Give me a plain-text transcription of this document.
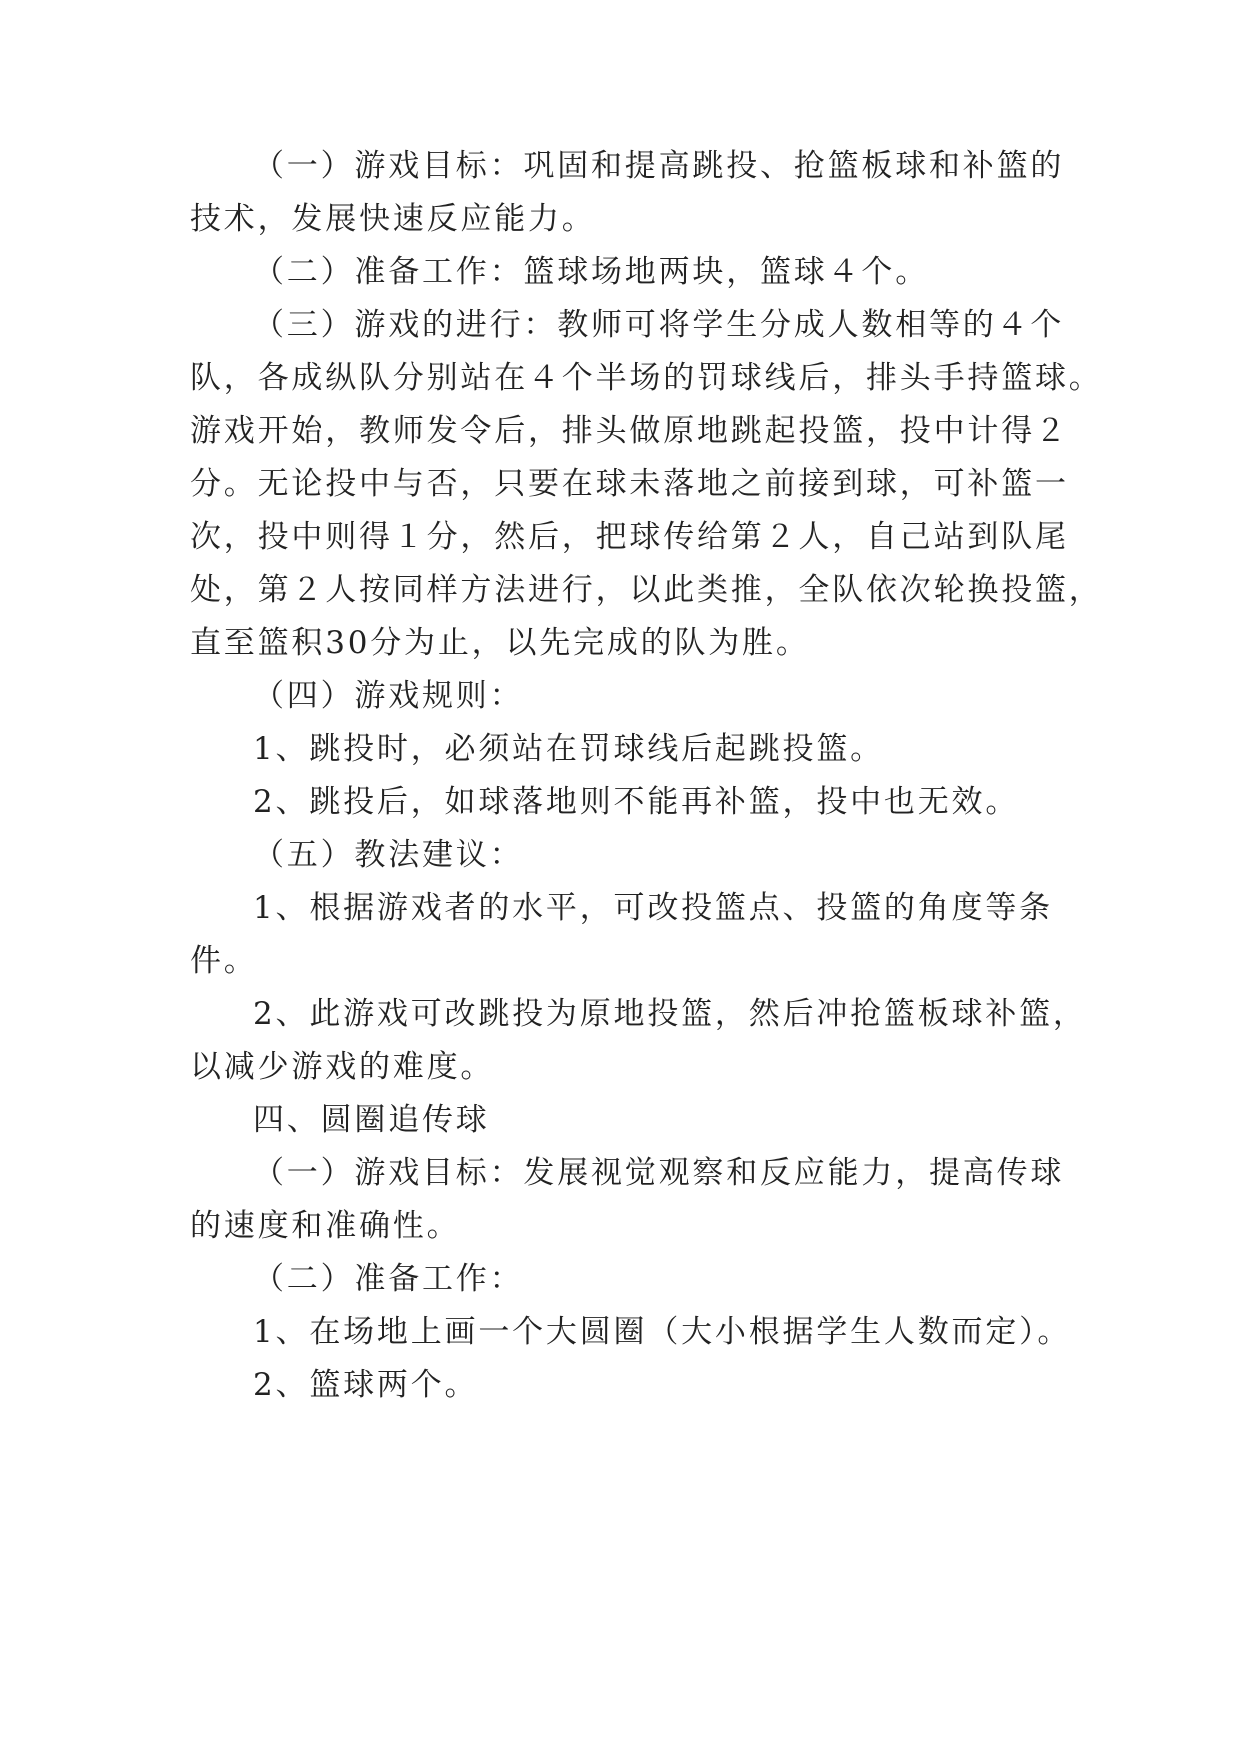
（一）游戏目标：巩固和提高跳投、抢篮板球和补篮的
技术，发展快速反应能力。
（二）准备工作：篮球场地两块，篮球４个。
（三）游戏的进行：教师可将学生分成人数相等的４个
队，各成纵队分别站在４个半场的罚球线后，排头手持篮球。
游戏开始，教师发令后，排头做原地跳起投篮，投中计得２
分。无论投中与否，只要在球未落地之前接到球，可补篮一
次，投中则得１分，然后，把球传给第２人，自己站到队尾
处，第２人按同样方法进行，以此类推，全队依次轮换投篮，
直至篮积30分为止，以先完成的队为胜。
（四）游戏规则：
1、跳投时，必须站在罚球线后起跳投篮。
2、跳投后，如球落地则不能再补篮，投中也无效。
（五）教法建议：
1、根据游戏者的水平，可改投篮点、投篮的角度等条
件。
2、此游戏可改跳投为原地投篮，然后冲抢篮板球补篮，
以减少游戏的难度。
四、圆圈追传球
（一）游戏目标：发展视觉观察和反应能力，提高传球
的速度和准确性。
（二）准备工作：
1、在场地上画一个大圆圈（大小根据学生人数而定）。
2、篮球两个。
